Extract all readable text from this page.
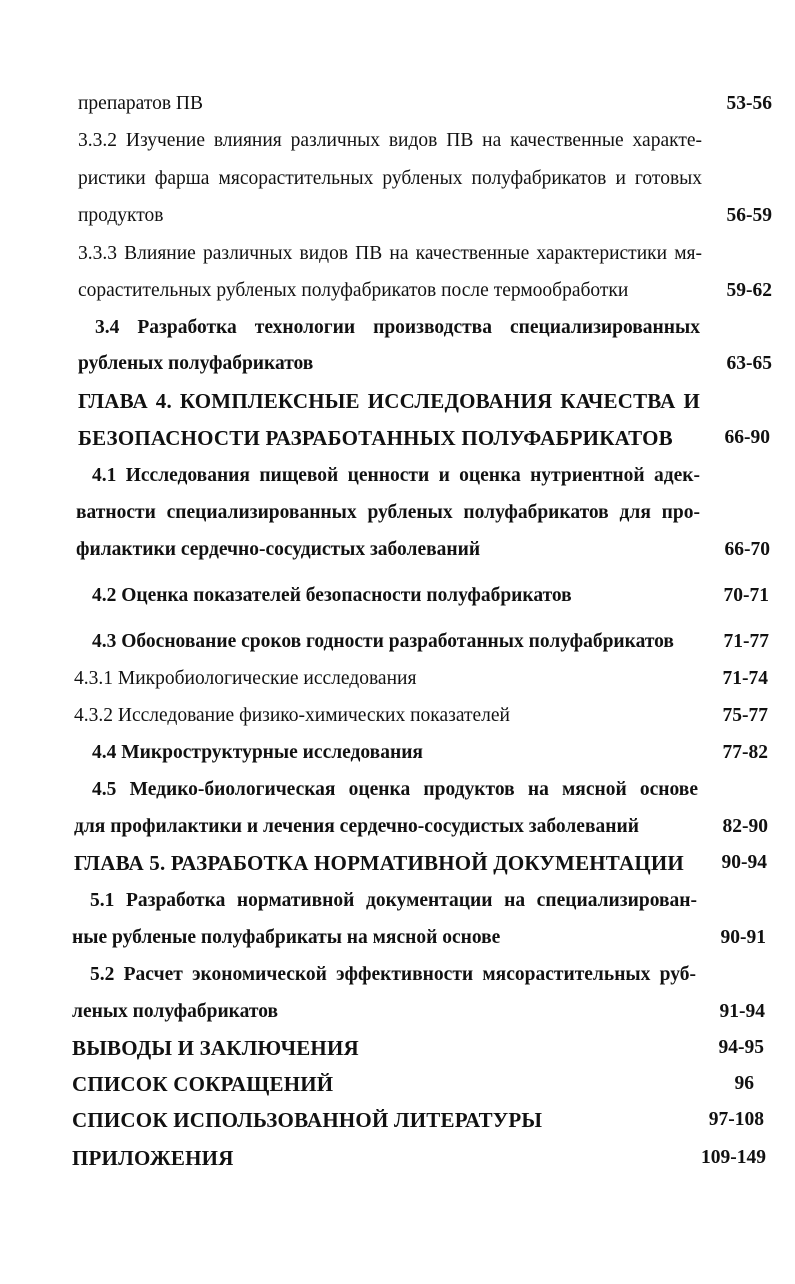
препаратов ПВ	53-56
3.3.2 Изучение влияния различных видов ПВ на качественные характе-
ристики фарша мясорастительных рубленых полуфабрикатов и готовых
продуктов	56-59
3.3.3 Влияние различных видов ПВ на качественные характеристики мя-
сорастительных рубленых полуфабрикатов после термообработки	59-62
3.4 Разработка технологии производства специализированных
рубленых полуфабрикатов	63-65
ГЛАВА 4. КОМПЛЕКСНЫЕ ИССЛЕДОВАНИЯ КАЧЕСТВА И
БЕЗОПАСНОСТИ РАЗРАБОТАННЫХ ПОЛУФАБРИКАТОВ	66-90
4.1 Исследования пищевой ценности и оценка нутриентной адек-
ватности специализированных рубленых полуфабрикатов для про-
филактики сердечно-сосудистых заболеваний	66-70
4.2 Оценка показателей безопасности полуфабрикатов	70-71
4.3 Обоснование сроков годности разработанных полуфабрикатов	71-77
4.3.1 Микробиологические исследования	71-74
4.3.2 Исследование физико-химических показателей	75-77
4.4 Микроструктурные исследования	77-82
4.5 Медико-биологическая оценка продуктов на мясной основе
для профилактики и лечения сердечно-сосудистых заболеваний	82-90
ГЛАВА 5. РАЗРАБОТКА НОРМАТИВНОЙ ДОКУМЕНТАЦИИ	90-94
5.1 Разработка нормативной документации на специализирован-
ные рубленые полуфабрикаты на мясной основе	90-91
5.2 Расчет экономической эффективности мясорастительных руб-
леных полуфабрикатов	91-94
ВЫВОДЫ И ЗАКЛЮЧЕНИЯ	94-95
СПИСОК СОКРАЩЕНИЙ	96
СПИСОК ИСПОЛЬЗОВАННОЙ ЛИТЕРАТУРЫ	97-108
ПРИЛОЖЕНИЯ	109-149
